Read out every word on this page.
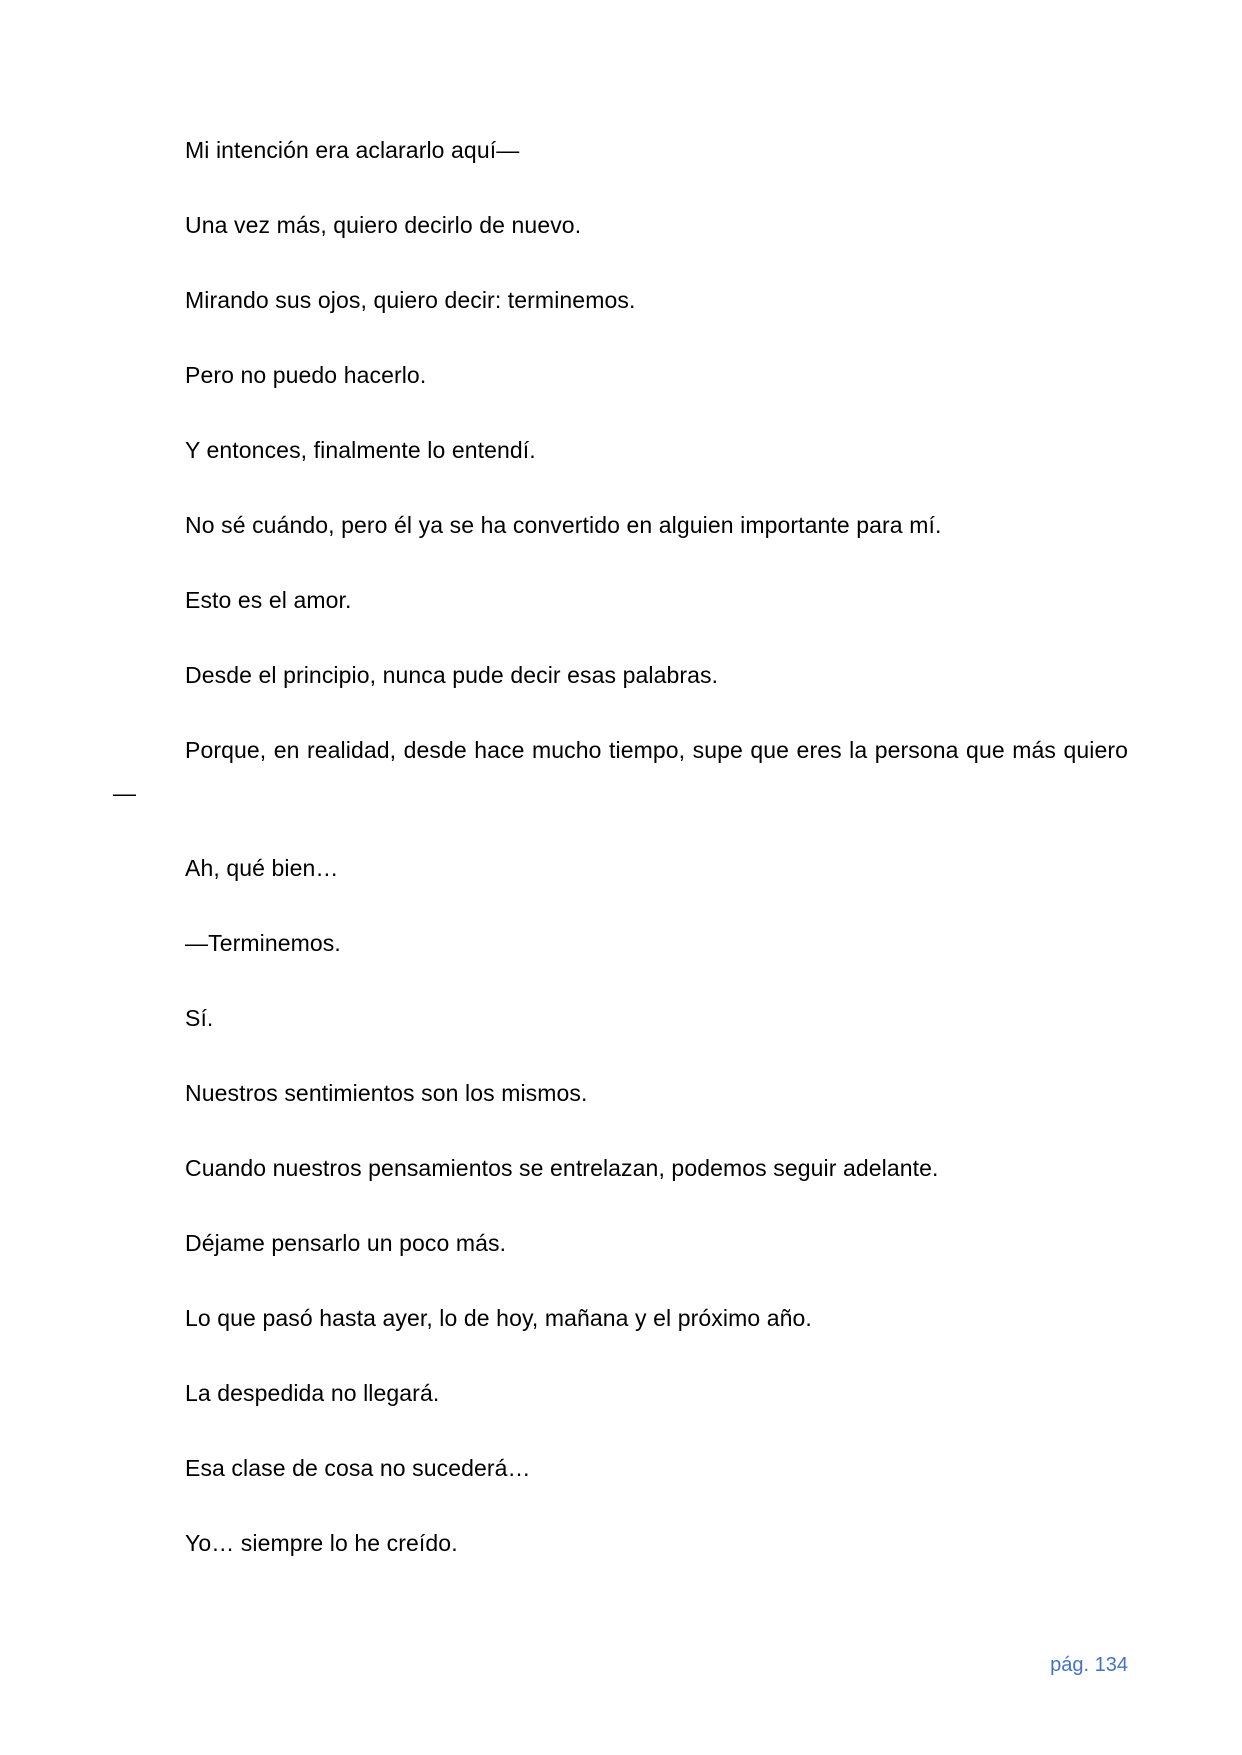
Mi intención era aclararlo aquí—

Una vez más, quiero decirlo de nuevo.

Mirando sus ojos, quiero decir: terminemos.

Pero no puedo hacerlo.

Y entonces, finalmente lo entendí.

No sé cuándo, pero él ya se ha convertido en alguien importante para mí.

Esto es el amor.

Desde el principio, nunca pude decir esas palabras.

Porque, en realidad, desde hace mucho tiempo, supe que eres la persona que más quiero—

Ah, qué bien…

—Terminemos.

Sí.

Nuestros sentimientos son los mismos.

Cuando nuestros pensamientos se entrelazan, podemos seguir adelante.

Déjame pensarlo un poco más.

Lo que pasó hasta ayer, lo de hoy, mañana y el próximo año.

La despedida no llegará.

Esa clase de cosa no sucederá…

Yo… siempre lo he creído.

pág. 134
